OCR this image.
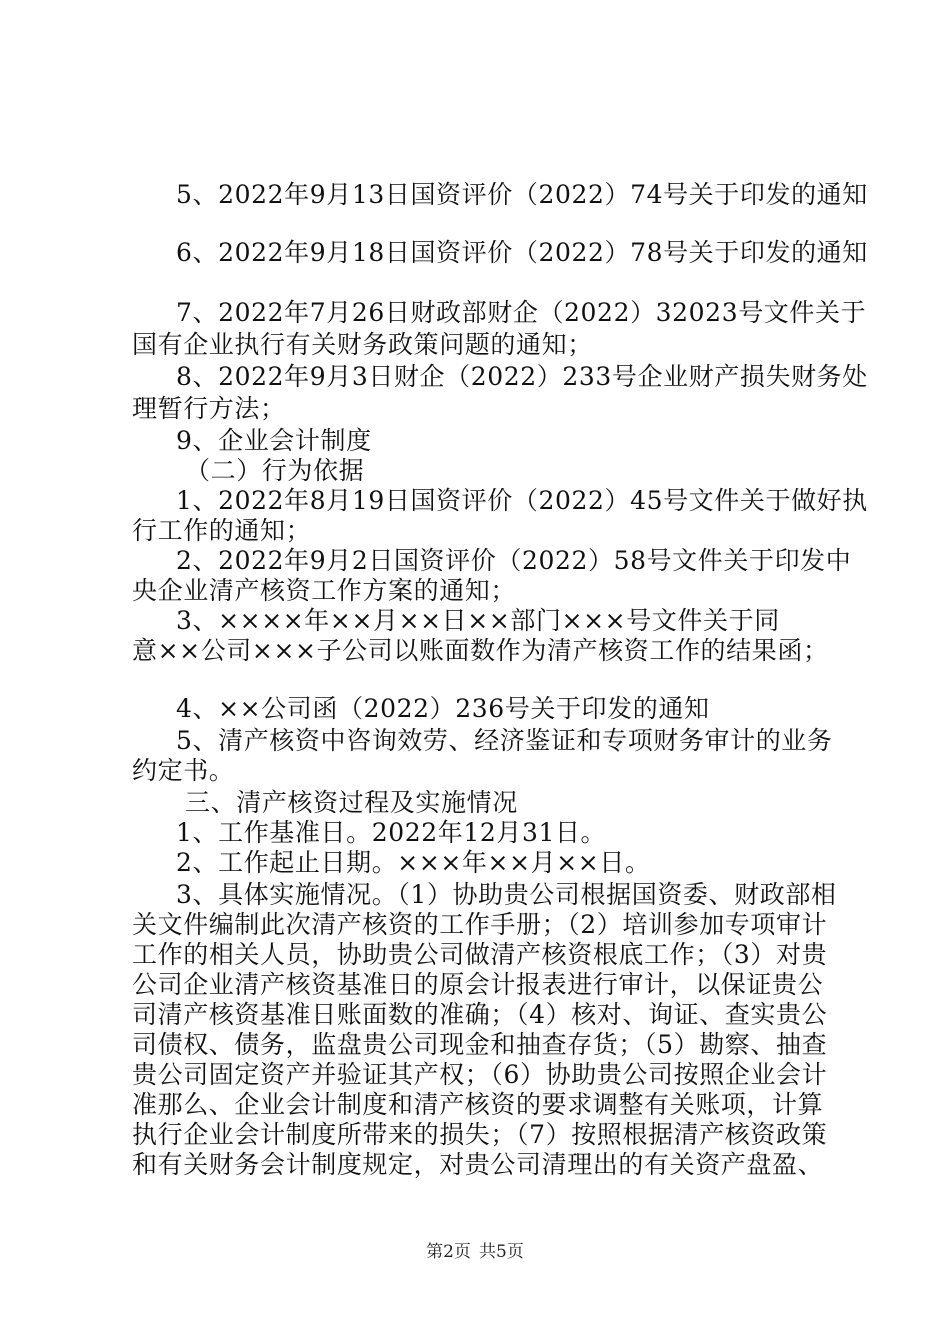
5、2022年9月13日国资评价（2022）74号关于印发的通知
6、2022年9月18日国资评价（2022）78号关于印发的通知
7、2022年7月26日财政部财企（2022）32023号文件关于
国有企业执行有关财务政策问题的通知；
8、2022年9月3日财企（2022）233号企业财产损失财务处
理暂行方法；
9、企业会计制度
（二）行为依据
1、2022年8月19日国资评价（2022）45号文件关于做好执
行工作的通知；
2、2022年9月2日国资评价（2022）58号文件关于印发中
央企业清产核资工作方案的通知；
3、××××年××月××日××部门×××号文件关于同
意××公司×××子公司以账面数作为清产核资工作的结果函；
4、××公司函（2022）236号关于印发的通知
5、清产核资中咨询效劳、经济鉴证和专项财务审计的业务
约定书。
三、清产核资过程及实施情况
1、工作基准日。2022年12月31日。
2、工作起止日期。×××年××月××日。
3、具体实施情况。（1）协助贵公司根据国资委、财政部相
关文件编制此次清产核资的工作手册；（2）培训参加专项审计
工作的相关人员，协助贵公司做清产核资根底工作；（3）对贵
公司企业清产核资基准日的原会计报表进行审计，以保证贵公
司清产核资基准日账面数的准确；（4）核对、询证、查实贵公
司债权、债务，监盘贵公司现金和抽查存货；（5）勘察、抽查
贵公司固定资产并验证其产权；（6）协助贵公司按照企业会计
准那么、企业会计制度和清产核资的要求调整有关账项，计算
执行企业会计制度所带来的损失；（7）按照根据清产核资政策
和有关财务会计制度规定，对贵公司清理出的有关资产盘盈、
第2页 共5页
